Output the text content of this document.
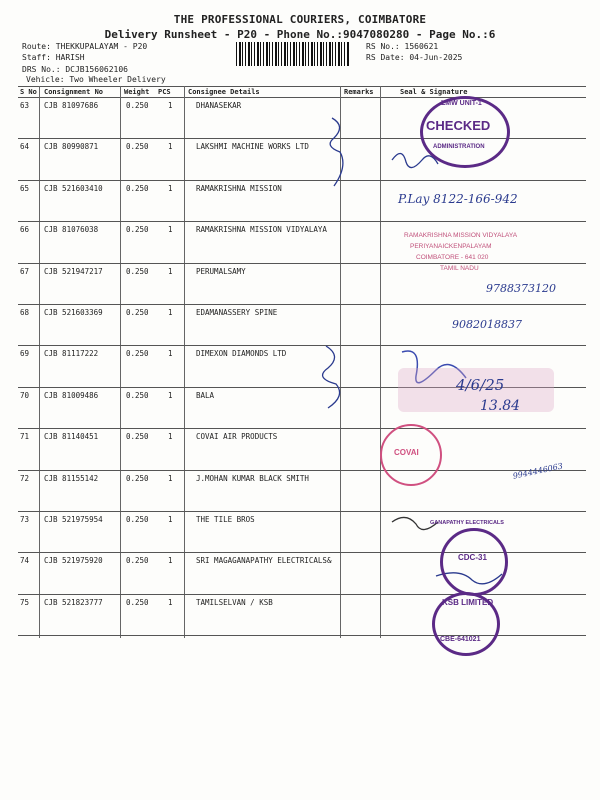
THE PROFESSIONAL COURIERS, COIMBATORE
Delivery Runsheet - P20 - Phone No.:9047080280 - Page No.:6
Route: THEKKUPALAYAM - P20
Staff: HARISH
DRS No.: DCJB156062106
Vehicle: Two Wheeler Delivery
RS No.: 1560621
RS Date: 04-Jun-2025
S No Consignment No	Weight PCS Consignee Details	Remarks	Seal & Signature
63 CJB 81097686	0.250	1	DHANASEKAR
64 CJB 80990871	0.250	1	LAKSHMI MACHINE WORKS LTD
65 CJB 521603410	0.250	1	RAMAKRISHNA MISSION
66 CJB 81076038	0.250	1	RAMAKRISHNA MISSION VIDYALAYA
67 CJB 521947217	0.250	1	PERUMALSAMY
68 CJB 521603369	0.250	1	EDAMANASSERY SPINE
69 CJB 81117222	0.250	1	DIMEXON DIAMONDS LTD
70 CJB 81009486	0.250	1	BALA
71 CJB 81140451	0.250	1	COVAI AIR PRODUCTS
72 CJB 81155142	0.250	1	J.MOHAN KUMAR BLACK SMITH
73 CJB 521975954	0.250	1	THE TILE BROS
74 CJB 521975920	0.250	1	SRI MAGAGANAPATHY ELECTRICALS&
75 CJB 521823777	0.250	1	TAMILSELVAN / KSB
LMW UNIT-1
CHECKED
ADMINISTRATION
RAMAKRISHNA MISSION VIDYALAYA
PERIYANAICKENPALAYAM
COIMBATORE - 641 020
TAMIL NADU
4/6/25
13.84
COVAI
GANAPATHY ELECTRICALS
CDC-31
KSB LIMITED
CBE-641021
P.Lay 8122-166-942
9788373120
9082018837
9944446063
